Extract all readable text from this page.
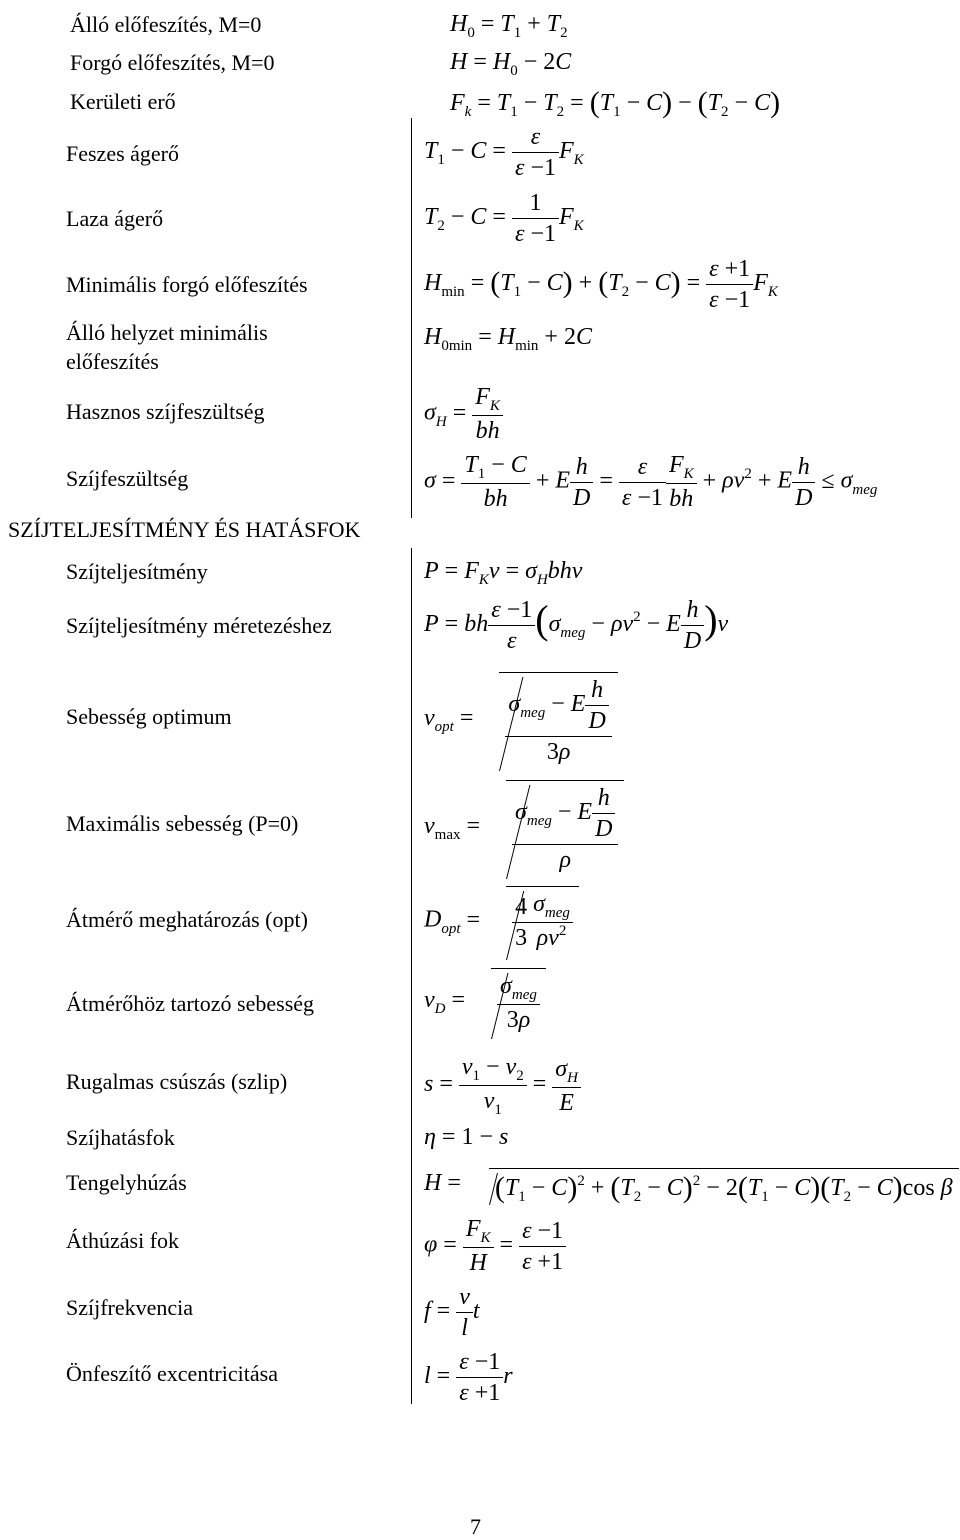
Álló előfeszítés, M=0
Forgó előfeszítés, M=0
Kerületi erő
Feszes ágerő
Laza ágerő
Minimális forgó előfeszítés
Álló helyzet minimális
előfeszítés
Hasznos szíjfeszültség
Szíjfeszültség
SZÍJTELJESÍTMÉNY ÉS HATÁSFOK
Szíjteljesítmény
Szíjteljesítmény méretezéshez
Sebesség optimum
Maximális sebesség (P=0)
Átmérő meghatározás (opt)
Átmérőhöz tartozó sebesség
Rugalmas csúszás (szlip)
Szíjhatásfok
Tengelyhúzás
Áthúzási fok
Szíjfrekvencia
Önfeszítő excentricitása
$H_0 = T_1 + T_2$
$H = H_0 - 2C$
$F_k = T_1 - T_2 = (T_1 - C) - (T_2 - C)$
$T_1 - C = \frac{\varepsilon}{\varepsilon -1} F_K$
$T_2 - C = \frac{1}{\varepsilon -1} F_K$
$H_{min} = (T_1 - C) + (T_2 - C) = \frac{\varepsilon +1}{\varepsilon -1} F_K$
$H_{0min} = H_{min} + 2C$
$\sigma_H = \frac{F_K}{bh}$
$\sigma = \frac{T_1 - C}{bh} + E \frac{h}{D} = \frac{\varepsilon}{\varepsilon -1} \frac{F_K}{bh} + \rho v^2 + E \frac{h}{D} \le \sigma_{meg}$
$P = F_Kv = \sigma_Hbhv$
P = bh $\frac{\varepsilon -1}{\varepsilon} (\sigma_{meg} - \rho v^2 - E \frac{h}{D} )v$
$v_{opt} = \frac{\sigma_{meg} - E \frac{h}{D}}{3\rho}$
$v_{max} = \frac{\sigma_{meg} - E \frac{h}{D}}{\rho}$
$D_{opt} = \frac{4}{3} \frac{\sigma_{meg}}{\rho v^2}$
$v_D = \frac{\sigma_{meg}}{3\rho}$
$s = \frac{v_1 - v_2}{v_1} = \frac{\sigma_H}{E}$
η = 1 − s
$H = (T_1 - C)^2 + (T_2 - C)^2 - 2(T_1 - C)(T_2 - C)\cos$ β
$\varphi = \frac{F_K}{H} = \frac{\varepsilon -1}{\varepsilon +1}$
$f = \frac{v}{l}$ t
$l = \frac{\varepsilon -1}{\varepsilon +1}$ r
7
